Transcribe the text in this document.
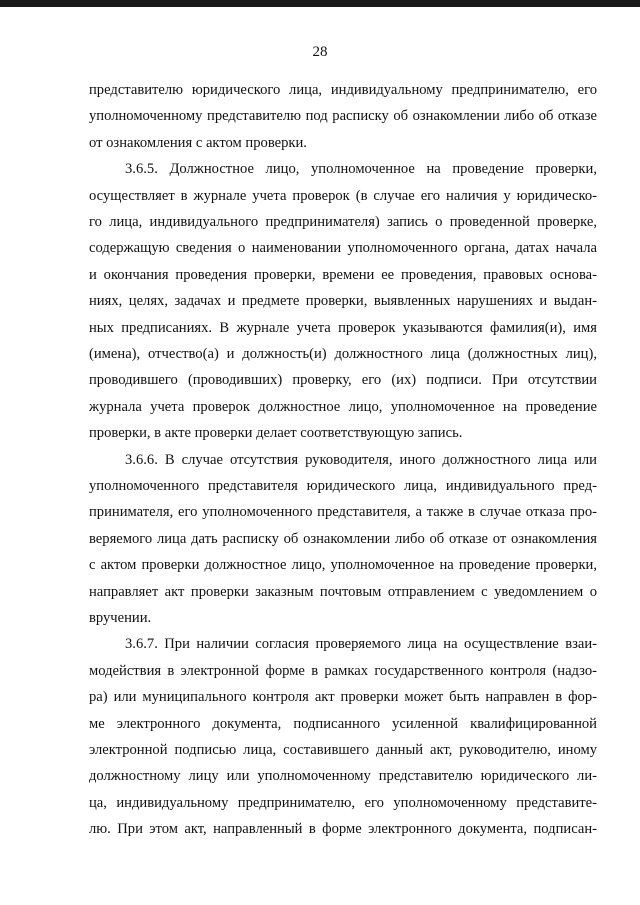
28
представителю юридического лица, индивидуальному предпринимателю, его
уполномоченному представителю под расписку об ознакомлении либо об отказе
от ознакомления с актом проверки.
3.6.5. Должностное лицо, уполномоченное на проведение проверки,
осуществляет в журнале учета проверок (в случае его наличия у юридическо-
го лица, индивидуального предпринимателя) запись о проведенной проверке,
содержащую сведения о наименовании уполномоченного органа, датах начала
и окончания проведения проверки, времени ее проведения, правовых основа-
ниях, целях, задачах и предмете проверки, выявленных нарушениях и выдан-
ных предписаниях. В журнале учета проверок указываются фамилия(и), имя
(имена), отчество(а) и должность(и) должностного лица (должностных лиц),
проводившего (проводивших) проверку, его (их) подписи. При отсутствии
журнала учета проверок должностное лицо, уполномоченное на проведение
проверки, в акте проверки делает соответствующую запись.
3.6.6. В случае отсутствия руководителя, иного должностного лица или
уполномоченного представителя юридического лица, индивидуального пред-
принимателя, его уполномоченного представителя, а также в случае отказа про-
веряемого лица дать расписку об ознакомлении либо об отказе от ознакомления
с актом проверки должностное лицо, уполномоченное на проведение проверки,
направляет акт проверки заказным почтовым отправлением с уведомлением о
вручении.
3.6.7. При наличии согласия проверяемого лица на осуществление взаи-
модействия в электронной форме в рамках государственного контроля (надзо-
ра) или муниципального контроля акт проверки может быть направлен в фор-
ме электронного документа, подписанного усиленной квалифицированной
электронной подписью лица, составившего данный акт, руководителю, иному
должностному лицу или уполномоченному представителю юридического ли-
ца, индивидуальному предпринимателю, его уполномоченному представите-
лю. При этом акт, направленный в форме электронного документа, подписан-
